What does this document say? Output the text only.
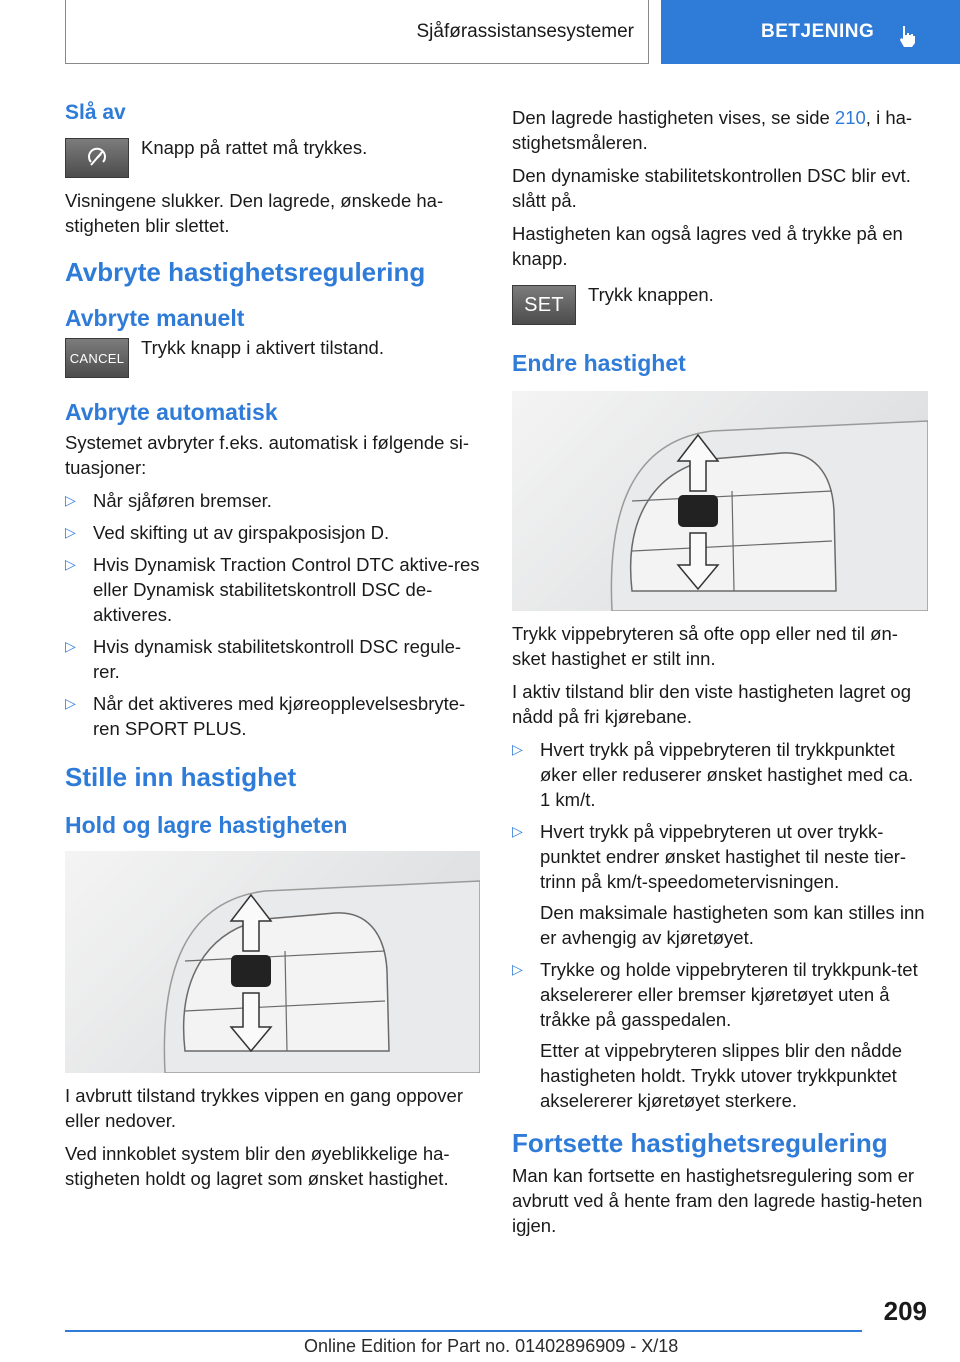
Sjåførassistansesystemer	BETJENING
Slå av

Knapp på rattet må trykkes.

Visningene slukker. Den lagrede, ønskede ha-stigheten blir slettet.

Avbryte hastighetsregulering
Avbryte manuelt
CANCEL Trykk knapp i aktivert tilstand.

Avbryte automatisk

Systemet avbryter f.eks. automatisk i følgende si-tuasjoner:

▷ Når sjåføren bremser.
▷ Ved skifting ut av girspakposisjon D.
▷ Hvis Dynamisk Traction Control DTC aktive-res eller Dynamisk stabilitetskontroll DSC de-aktiveres.
▷ Hvis dynamisk stabilitetskontroll DSC regule-rer.
▷ Når det aktiveres med kjøreopplevelsesbryte-ren SPORT PLUS.
Stille inn hastighet
Hold og lagre hastigheten

I avbrutt tilstand trykkes vippen en gang oppover eller nedover.

Ved innkoblet system blir den øyeblikkelige ha-stigheten holdt og lagret som ønsket hastighet.

Den lagrede hastigheten vises, se side 210, i ha-stighetsmåleren.

Den dynamiske stabilitetskontrollen DSC blir evt. slått på.

Hastigheten kan også lagres ved å trykke på en knapp.

SET Trykk knappen.

Endre hastighet

Trykk vippebryteren så ofte opp eller ned til øn-sket hastighet er stilt inn.

I aktiv tilstand blir den viste hastigheten lagret og nådd på fri kjørebane.

▷ Hvert trykk på vippebryteren til trykkpunktet øker eller reduserer ønsket hastighet med ca. 1 km/t.
▷ Hvert trykk på vippebryteren ut over trykk-punktet endrer ønsket hastighet til neste tier-trinn på km/t-speedometervisningen.

Den maksimale hastigheten som kan stilles inn er avhengig av kjøretøyet.

▷ Trykke og holde vippebryteren til trykkpunk-tet akselererer eller bremser kjøretøyet uten å tråkke på gasspedalen.

Etter at vippebryteren slippes blir den nådde hastigheten holdt. Trykk utover trykkpunktet akselererer kjøretøyet sterkere.

Fortsette hastighetsregulering

Man kan fortsette en hastighetsregulering som er avbrutt ved å hente fram den lagrede hastig-heten igjen.

209
Online Edition for Part no. 01402896909 - X/18
